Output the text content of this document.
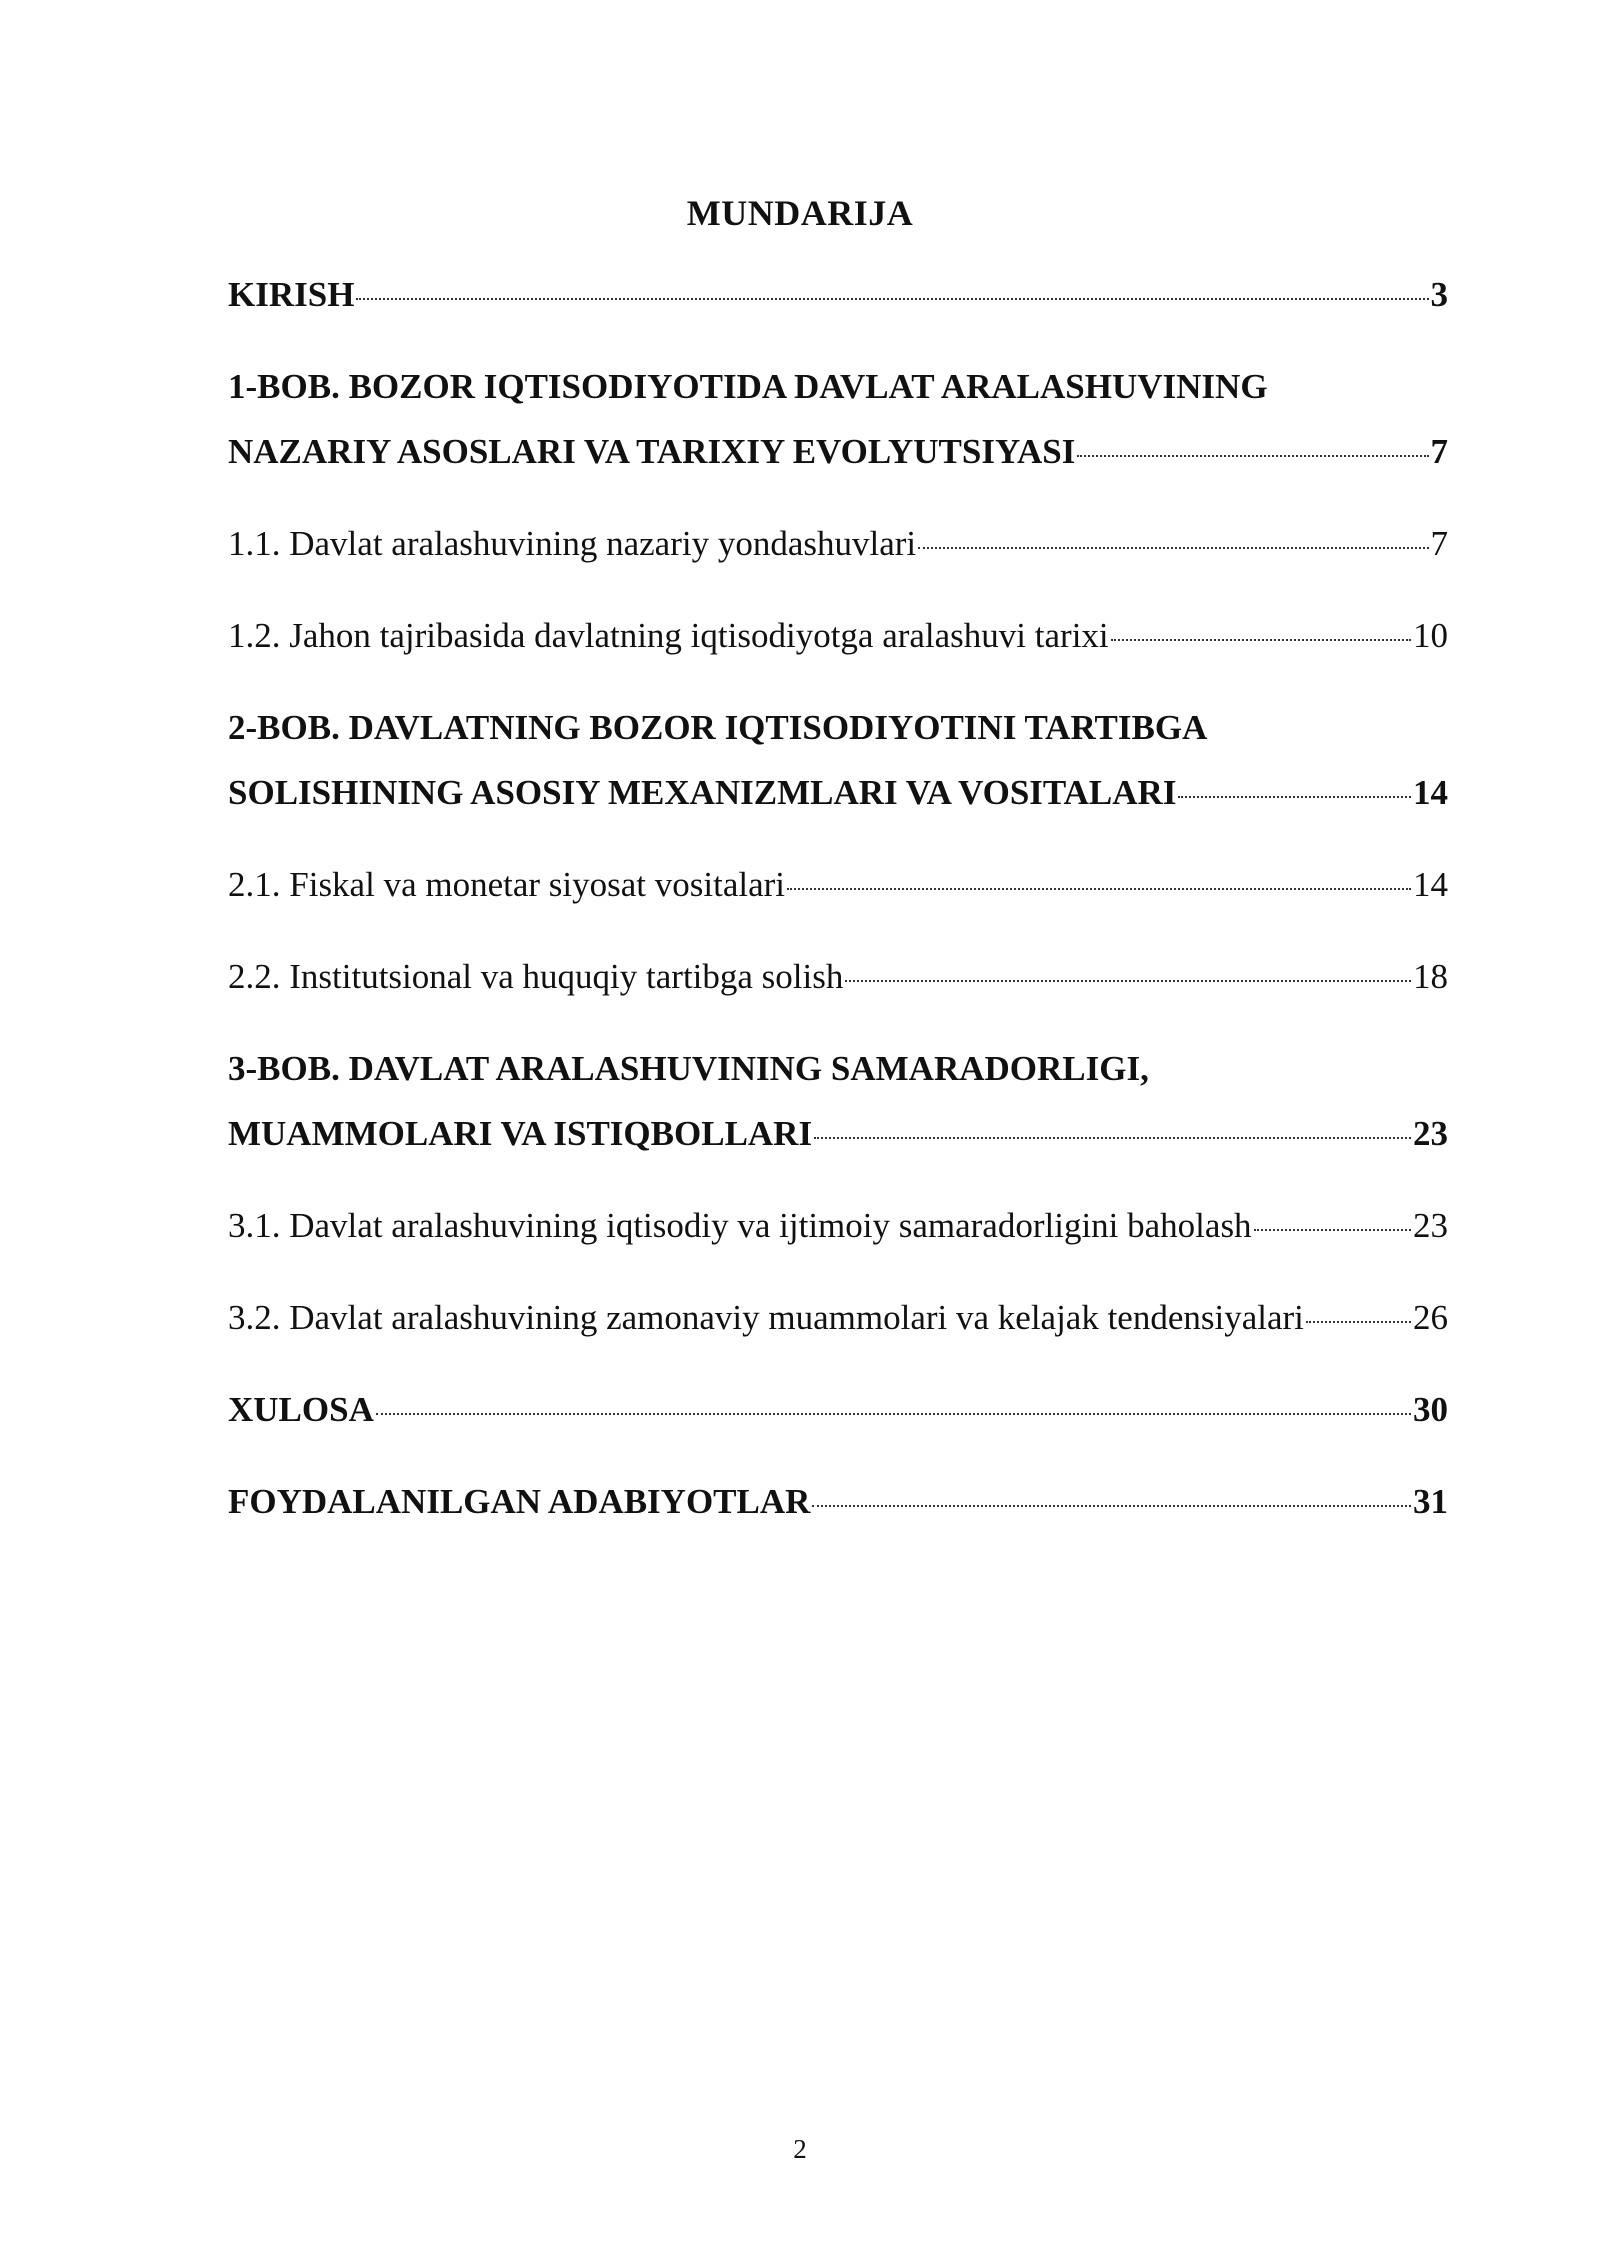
MUNDARIJA
KIRISH	3
1-BOB. BOZOR IQTISODIYOTIDA DAVLAT ARALASHUVINING
NAZARIY ASOSLARI VA TARIXIY EVOLYUTSIYASI	7
1.1. Davlat aralashuvining nazariy yondashuvlari	7
1.2. Jahon tajribasida davlatning iqtisodiyotga aralashuvi tarixi	10
2-BOB. DAVLATNING BOZOR IQTISODIYOTINI TARTIBGA
SOLISHINING ASOSIY MEXANIZMLARI VA VOSITALARI	14
2.1. Fiskal va monetar siyosat vositalari	14
2.2. Institutsional va huquqiy tartibga solish	18
3-BOB. DAVLAT ARALASHUVINING SAMARADORLIGI,
MUAMMOLARI VA ISTIQBOLLARI	23
3.1. Davlat aralashuvining iqtisodiy va ijtimoiy samaradorligini baholash	23
3.2. Davlat aralashuvining zamonaviy muammolari va kelajak tendensiyalari	26
XULOSA	30
FOYDALANILGAN ADABIYOTLAR	31
2
